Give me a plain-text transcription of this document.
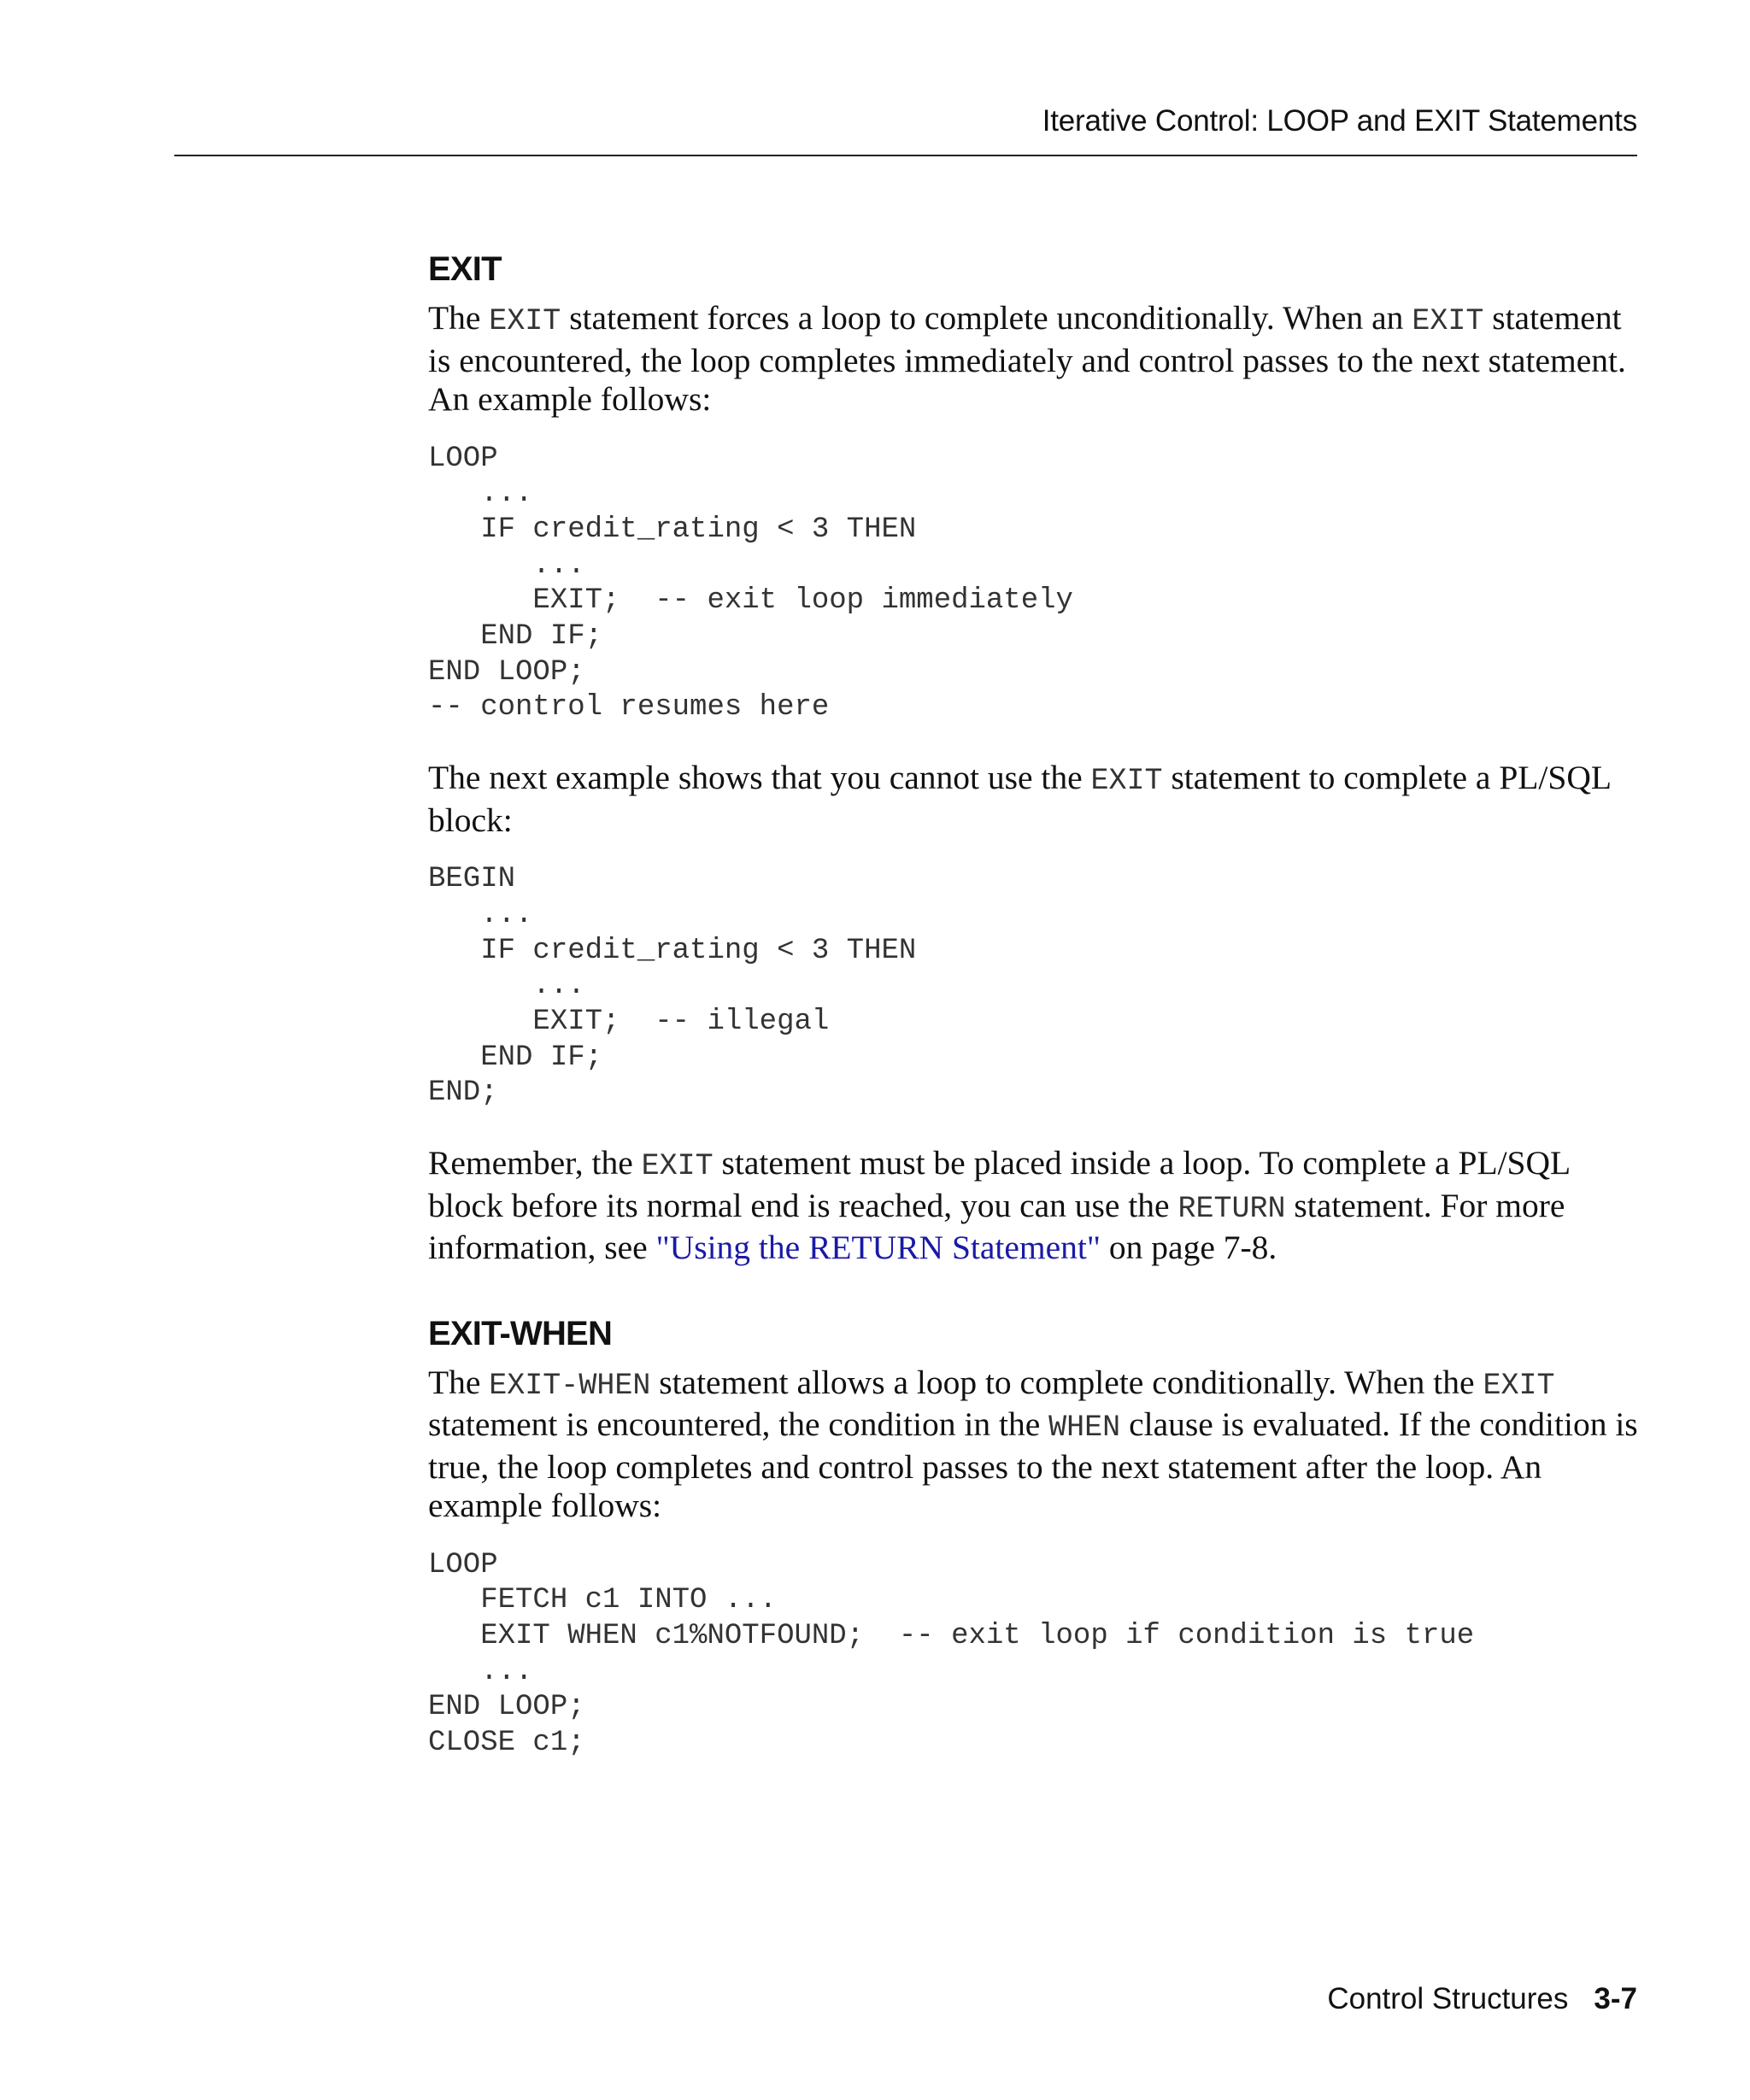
Iterative Control: LOOP and EXIT Statements
EXIT

The EXIT statement forces a loop to complete unconditionally. When an EXIT statement is encountered, the loop completes immediately and control passes to the next statement. An example follows:

LOOP
...
IF credit_rating < 3 THEN
...
EXIT;  -- exit loop immediately
END IF;
END LOOP;
-- control resumes here

The next example shows that you cannot use the EXIT statement to complete a PL/SQL block:

BEGIN
...
IF credit_rating < 3 THEN
...
EXIT;  -- illegal
END IF;
END;

Remember, the EXIT statement must be placed inside a loop. To complete a PL/SQL block before its normal end is reached, you can use the RETURN statement. For more information, see "Using the RETURN Statement" on page 7-8.

EXIT-WHEN

The EXIT-WHEN statement allows a loop to complete conditionally. When the EXIT statement is encountered, the condition in the WHEN clause is evaluated. If the condition is true, the loop completes and control passes to the next statement after the loop. An example follows:

LOOP
FETCH c1 INTO ...
EXIT WHEN c1%NOTFOUND;  -- exit loop if condition is true
...
END LOOP;
CLOSE c1;
Control Structures 3-7
